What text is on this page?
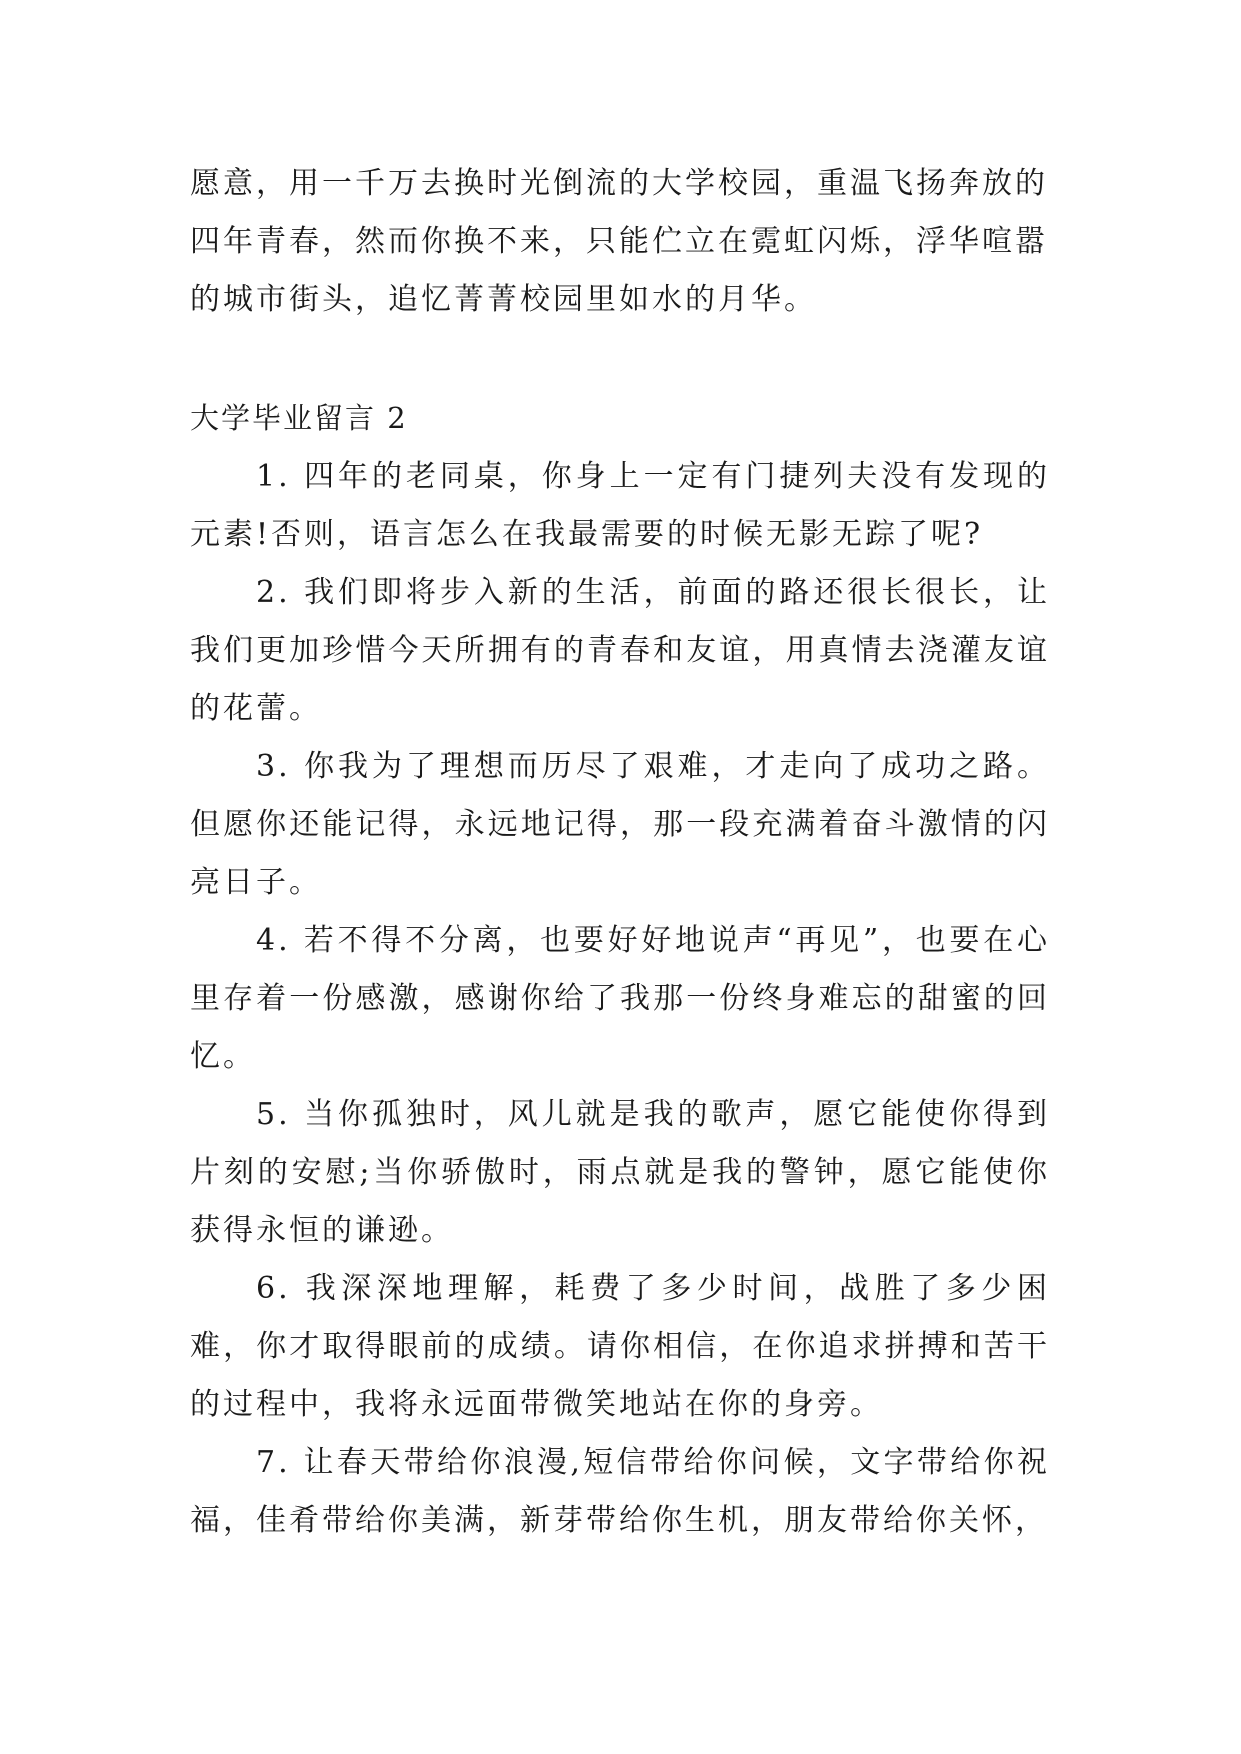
愿意，用一千万去换时光倒流的大学校园，重温飞扬奔放的四年青春，然而你换不来，只能伫立在霓虹闪烁，浮华喧嚣的城市街头，追忆菁菁校园里如水的月华。

大学毕业留言 2

1. 四年的老同桌，你身上一定有门捷列夫没有发现的元素!否则，语言怎么在我最需要的时候无影无踪了呢?

2. 我们即将步入新的生活，前面的路还很长很长，让我们更加珍惜今天所拥有的青春和友谊，用真情去浇灌友谊的花蕾。

3. 你我为了理想而历尽了艰难，才走向了成功之路。但愿你还能记得，永远地记得，那一段充满着奋斗激情的闪亮日子。

4. 若不得不分离，也要好好地说声“再见”，也要在心里存着一份感激，感谢你给了我那一份终身难忘的甜蜜的回忆。

5. 当你孤独时，风儿就是我的歌声，愿它能使你得到片刻的安慰;当你骄傲时，雨点就是我的警钟，愿它能使你获得永恒的谦逊。

6. 我深深地理解，耗费了多少时间，战胜了多少困难，你才取得眼前的成绩。请你相信，在你追求拼搏和苦干的过程中，我将永远面带微笑地站在你的身旁。

7. 让春天带给你浪漫,短信带给你问候，文字带给你祝福，佳肴带给你美满，新芽带给你生机，朋友带给你关怀，
